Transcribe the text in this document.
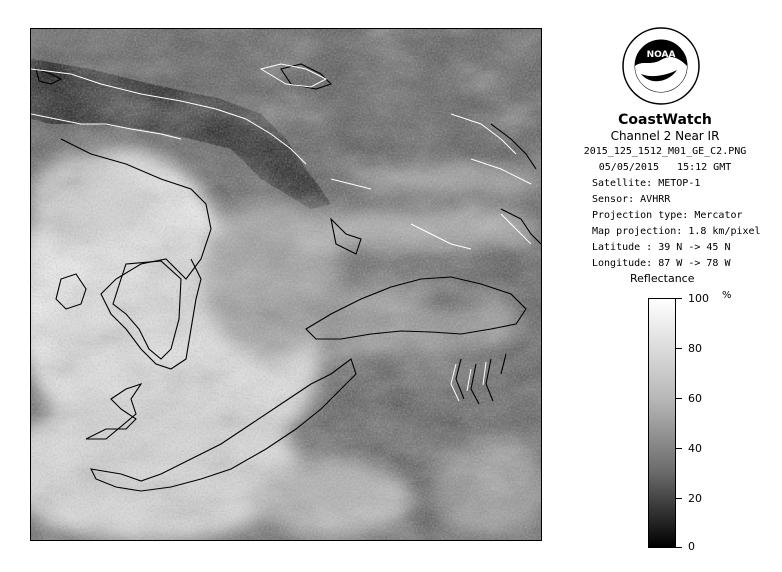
NOAA
CoastWatch
Channel 2 Near IR
2015_125_1512_M01_GE_C2.PNG
05/05/2015 15:12 GMT
Satellite: METOP-1
Sensor: AVHRR
Projection type: Mercator
Map projection: 1.8 km/pixel
Latitude : 39 N -> 45 N
Longitude: 87 W -> 78 W
Reflectance
%
100
80
60
40
20
0
